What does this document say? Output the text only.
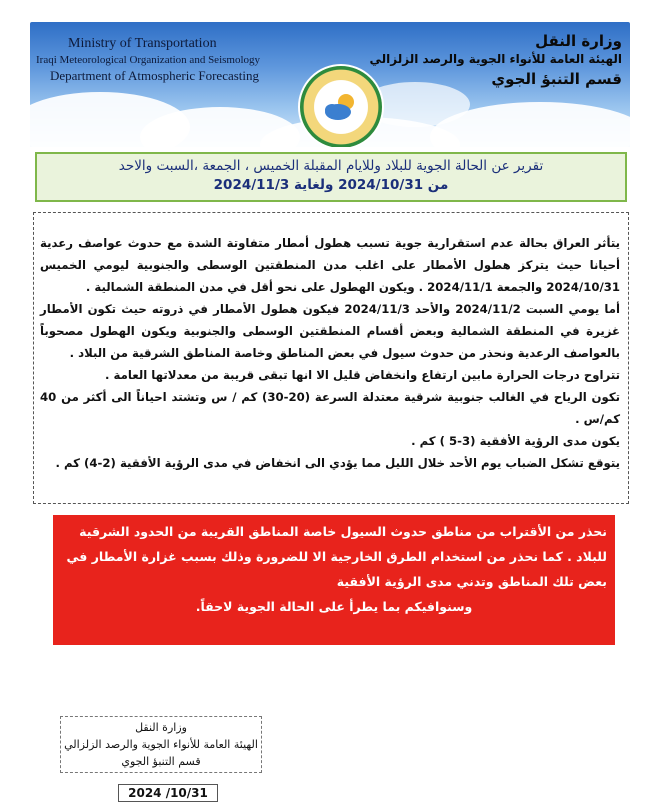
Ministry of Transportation
Iraqi Meteorological Organization and Seismology
Department of Atmospheric Forecasting
وزارة النقل
الهيئة العامة للأنواء الجوية والرصد الزلزالي
قسم التنبؤ الجوي
تقرير عن الحالة الجوية للبلاد وللايام المقبلة الخميس ، الجمعة ،السبت والاحد
من 2024/10/31 ولغاية 2024/11/3

يتأثر العراق بحالة عدم استقرارية جوية تسبب هطول أمطار متفاوتة الشدة مع حدوث عواصف رعدية أحيانا حيث يتركز هطول الأمطار على اغلب مدن المنطقتين الوسطى والجنوبية ليومي الخميس 2024/10/31 والجمعة 2024/11/1 . ويكون الهطول على نحو أقل في مدن المنطقة الشمالية .

أما يومي السبت 2024/11/2 والأحد 2024/11/3 فيكون هطول الأمطار في ذروته حيث تكون الأمطار غزيرة في المنطقة الشمالية وبعض أقسام المنطقتين الوسطى والجنوبية ويكون الهطول مصحوباً بالعواصف الرعدية ونحذر من حدوث سيول في بعض المناطق وخاصة المناطق الشرقية من البلاد .

تتراوح درجات الحرارة مابين ارتفاع وانخفاض قليل الا انها تبقى قريبة من معدلاتها العامة .

تكون الرياح في الغالب جنوبية شرقية معتدلة السرعة (20-30) كم / س وتشتد احياناً الى أكثر من 40 كم/س .

يكون مدى الرؤية الأفقية (3-5 ) كم .

يتوقع تشكل الضباب يوم الأحد خلال الليل مما يؤدي الى انخفاض في مدى الرؤية الأفقية (2-4) كم .

نحذر من الأقتراب من مناطق حدوث السيول خاصة المناطق القريبة من الحدود الشرقية للبلاد . كما نحذر من استخدام الطرق الخارجية الا للضرورة وذلك بسبب غزارة الأمطار في بعض تلك المناطق وتدني مدى الرؤية الأفقية

وسنوافيكم بما يطرأ على الحالة الجوية لاحقاً.

وزارة النقل
الهيئة العامة للأنواء الجوية والرصد الزلزالي
قسم التنبؤ الجوي
2024 /10/31
